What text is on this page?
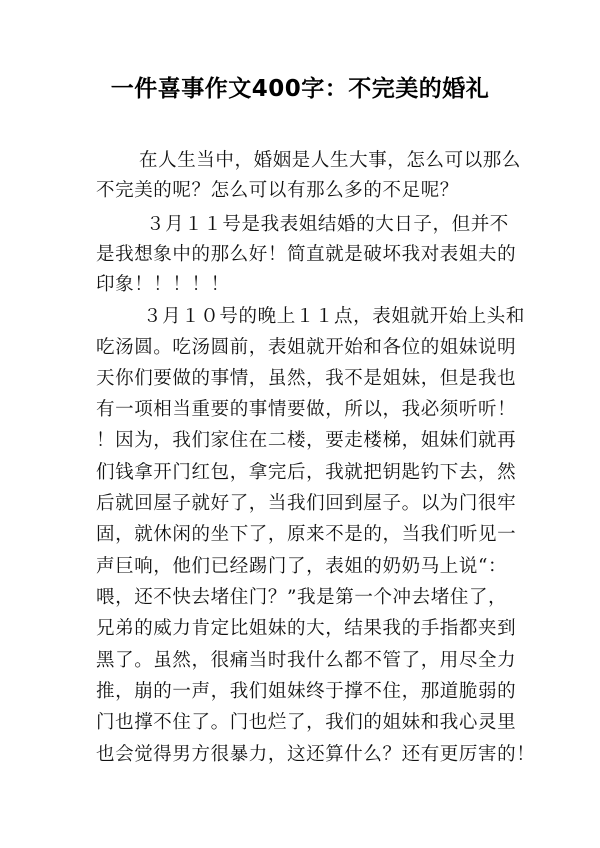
一件喜事作文400字：不完美的婚礼
在人生当中，婚姻是人生大事，怎么可以那么
不完美的呢？怎么可以有那么多的不足呢？
３月１１号是我表姐结婚的大日子，但并不
是我想象中的那么好！简直就是破坏我对表姐夫的
印象！！！！！
３月１０号的晚上１１点，表姐就开始上头和
吃汤圆。吃汤圆前，表姐就开始和各位的姐妹说明
天你们要做的事情，虽然，我不是姐妹，但是我也
有一项相当重要的事情要做，所以，我必须听听！
！因为，我们家住在二楼，要走楼梯，姐妹们就再
们钱拿开门红包，拿完后，我就把钥匙钓下去，然
后就回屋子就好了，当我们回到屋子。以为门很牢
固，就休闲的坐下了，原来不是的，当我们听见一
声巨响，他们已经踢门了，表姐的奶奶马上说“：
喂，还不快去堵住门？”我是第一个冲去堵住了，
兄弟的威力肯定比姐妹的大，结果我的手指都夹到
黑了。虽然，很痛当时我什么都不管了，用尽全力
推，崩的一声，我们姐妹终于撑不住，那道脆弱的
门也撑不住了。门也烂了，我们的姐妹和我心灵里
也会觉得男方很暴力，这还算什么？还有更厉害的！
